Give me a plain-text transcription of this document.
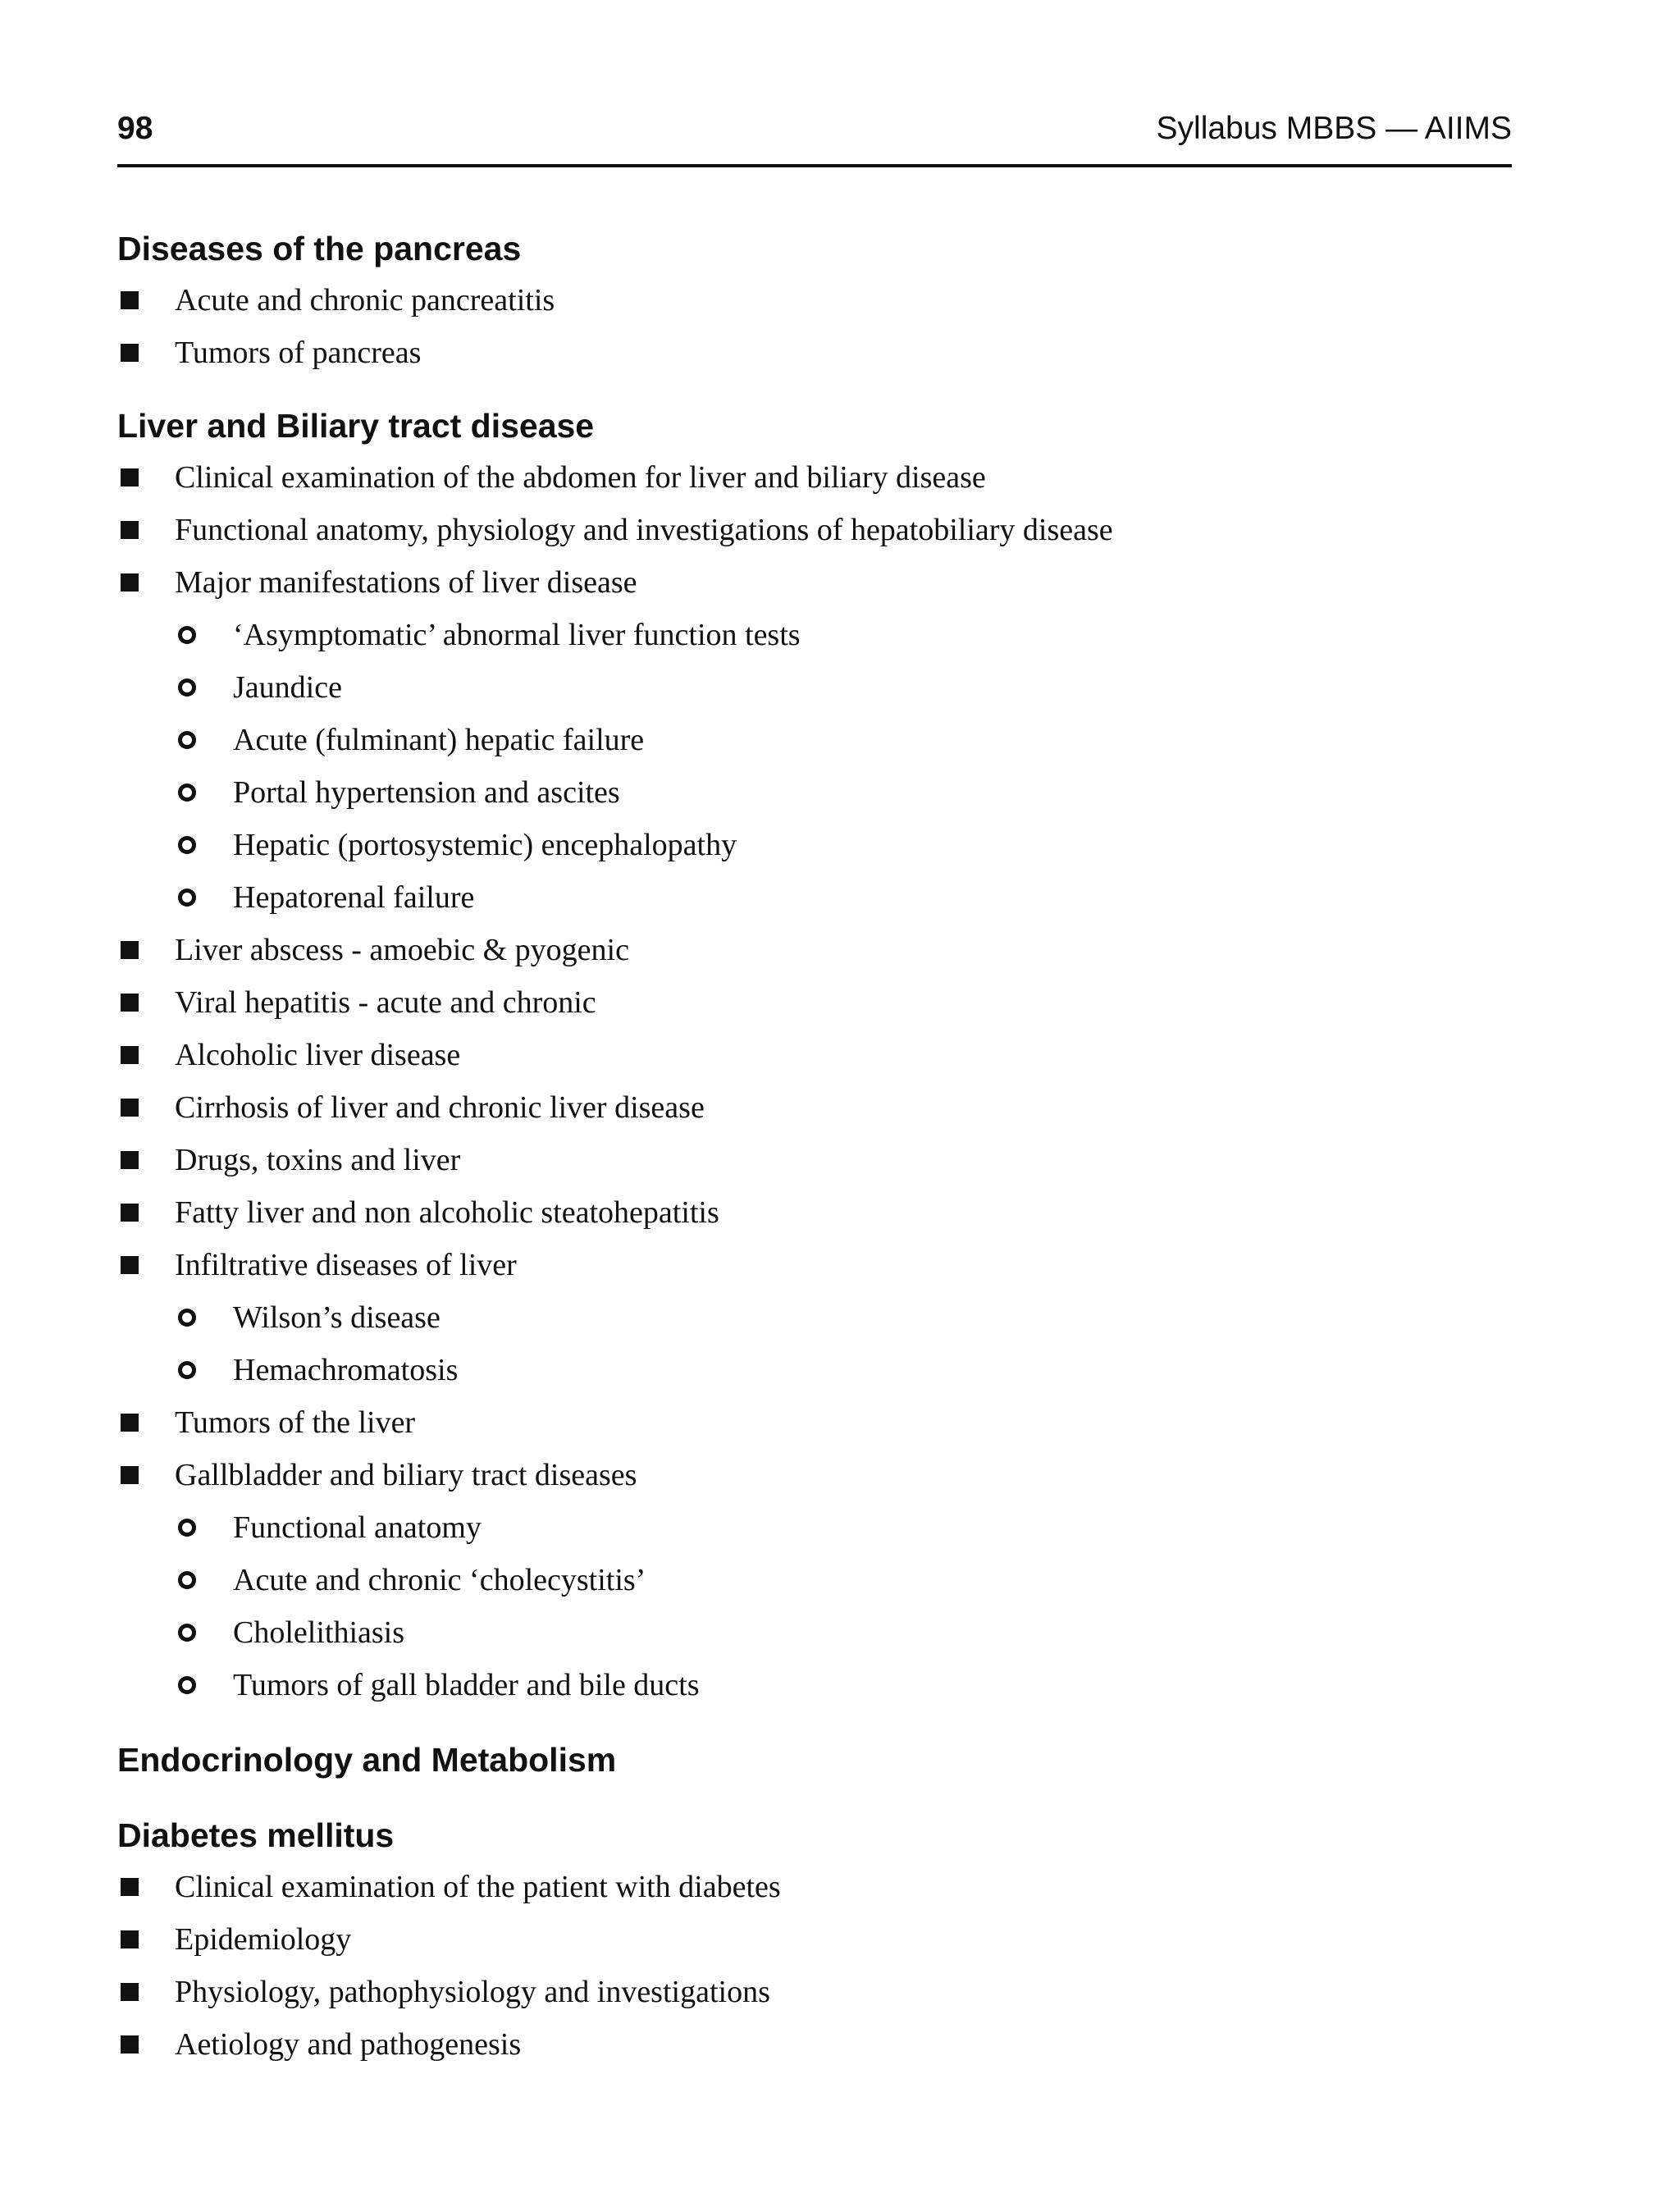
98	Syllabus MBBS — AIIMS
Diseases of the pancreas
Acute and chronic pancreatitis
Tumors of pancreas
Liver and Biliary tract disease
Clinical examination of the abdomen for liver and biliary disease
Functional anatomy, physiology and investigations of hepatobiliary disease
Major manifestations of liver disease
‘Asymptomatic’ abnormal liver function tests
Jaundice
Acute (fulminant) hepatic failure
Portal hypertension and ascites
Hepatic (portosystemic) encephalopathy
Hepatorenal failure
Liver abscess - amoebic & pyogenic
Viral hepatitis - acute and chronic
Alcoholic liver disease
Cirrhosis of liver and chronic liver disease
Drugs, toxins and liver
Fatty liver and non alcoholic steatohepatitis
Infiltrative diseases of liver
Wilson’s disease
Hemachromatosis
Tumors of the liver
Gallbladder and biliary tract diseases
Functional anatomy
Acute and chronic ‘cholecystitis’
Cholelithiasis
Tumors of gall bladder and bile ducts
Endocrinology and Metabolism
Diabetes mellitus
Clinical examination of the patient with diabetes
Epidemiology
Physiology, pathophysiology and investigations
Aetiology and pathogenesis
